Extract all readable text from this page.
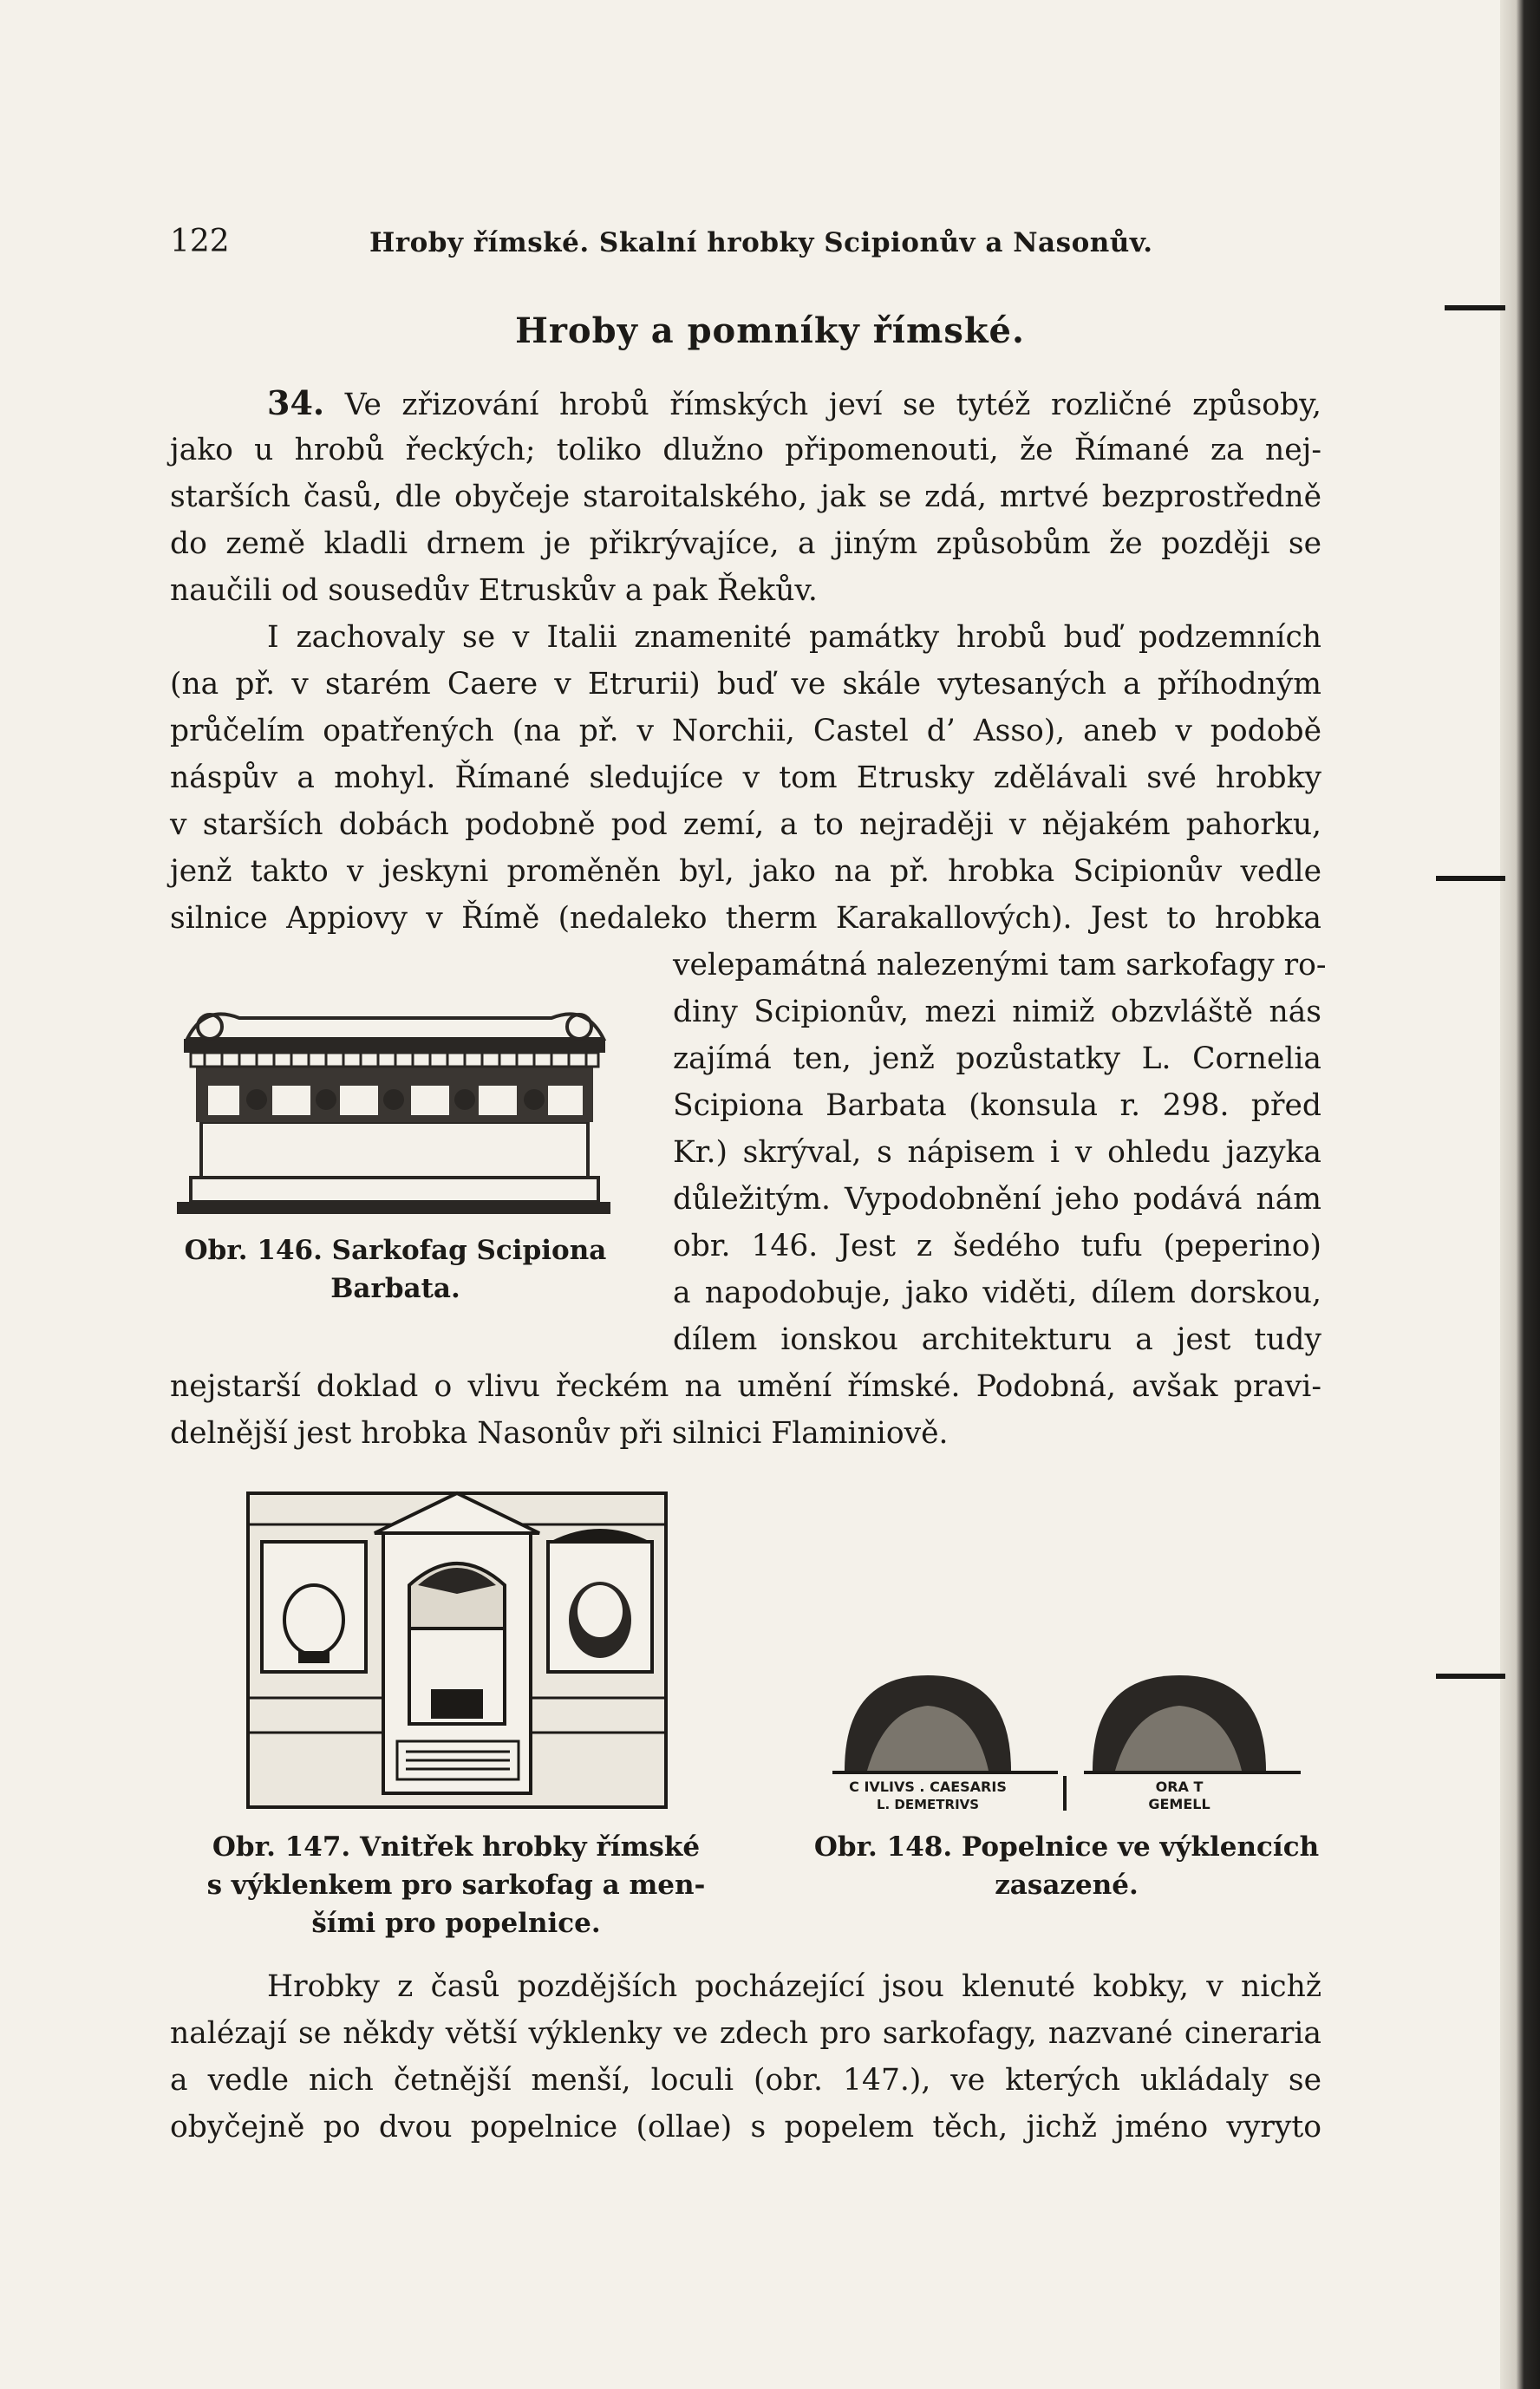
122	Hroby římské. Skalní hrobky Scipionův a Nasonův.
Hroby a pomníky římské.
34. Ve zřizování hrobů římských jeví se tytéž rozličné způsoby,
jako u hrobů řeckých; toliko dlužno připomenouti, že Římané za nej-
starších časů, dle obyčeje staroitalského, jak se zdá, mrtvé bezprostředně
do země kladli drnem je přikrývajíce, a jiným způsobům že později se
naučili od sousedův Etruskův a pak Řekův.
I zachovaly se v Italii znamenité památky hrobů buď podzemních
(na př. v starém Caere v Etrurii) buď ve skále vytesaných a příhodným
průčelím opatřených (na př. v Norchii, Castel d’ Asso), aneb v podobě
náspův a mohyl. Římané sledujíce v tom Etrusky zdělávali své hrobky
v starších dobách podobně pod zemí, a to nejraději v nějakém pahorku,
jenž takto v jeskyni proměněn byl, jako na př. hrobka Scipionův vedle
silnice Appiovy v Římě (nedaleko therm Karakallových). Jest to hrobka
velepamátná nalezenými tam sarkofagy ro-
diny Scipionův, mezi nimiž obzvláště nás
zajímá ten, jenž pozůstatky L. Cornelia
Scipiona Barbata (konsula r. 298. před
Kr.) skrýval, s nápisem i v ohledu jazyka
důležitým. Vypodobnění jeho podává nám
obr. 146. Jest z šedého tufu (peperino)
a napodobuje, jako viděti, dílem dorskou,
dílem ionskou architekturu a jest tudy
nejstarší doklad o vlivu řeckém na umění římské. Podobná, avšak pravi-
delnější jest hrobka Nasonův při silnici Flaminiově.
Obr. 146. Sarkofag Scipiona
Barbata.
Obr. 147. Vnitřek hrobky římské
s výklenkem pro sarkofag a men-
šími pro popelnice.
C IVLIVS . CAESARIS
L. DEMETRIVS
ORA T
GEMELL
Obr. 148. Popelnice ve výklencích
zasazené.
Hrobky z časů pozdějších pocházející jsou klenuté kobky, v nichž
nalézají se někdy větší výklenky ve zdech pro sarkofagy, nazvané cineraria
a vedle nich četnější menší, loculi (obr. 147.), ve kterých ukládaly se
obyčejně po dvou popelnice (ollae) s popelem těch, jichž jméno vyryto
